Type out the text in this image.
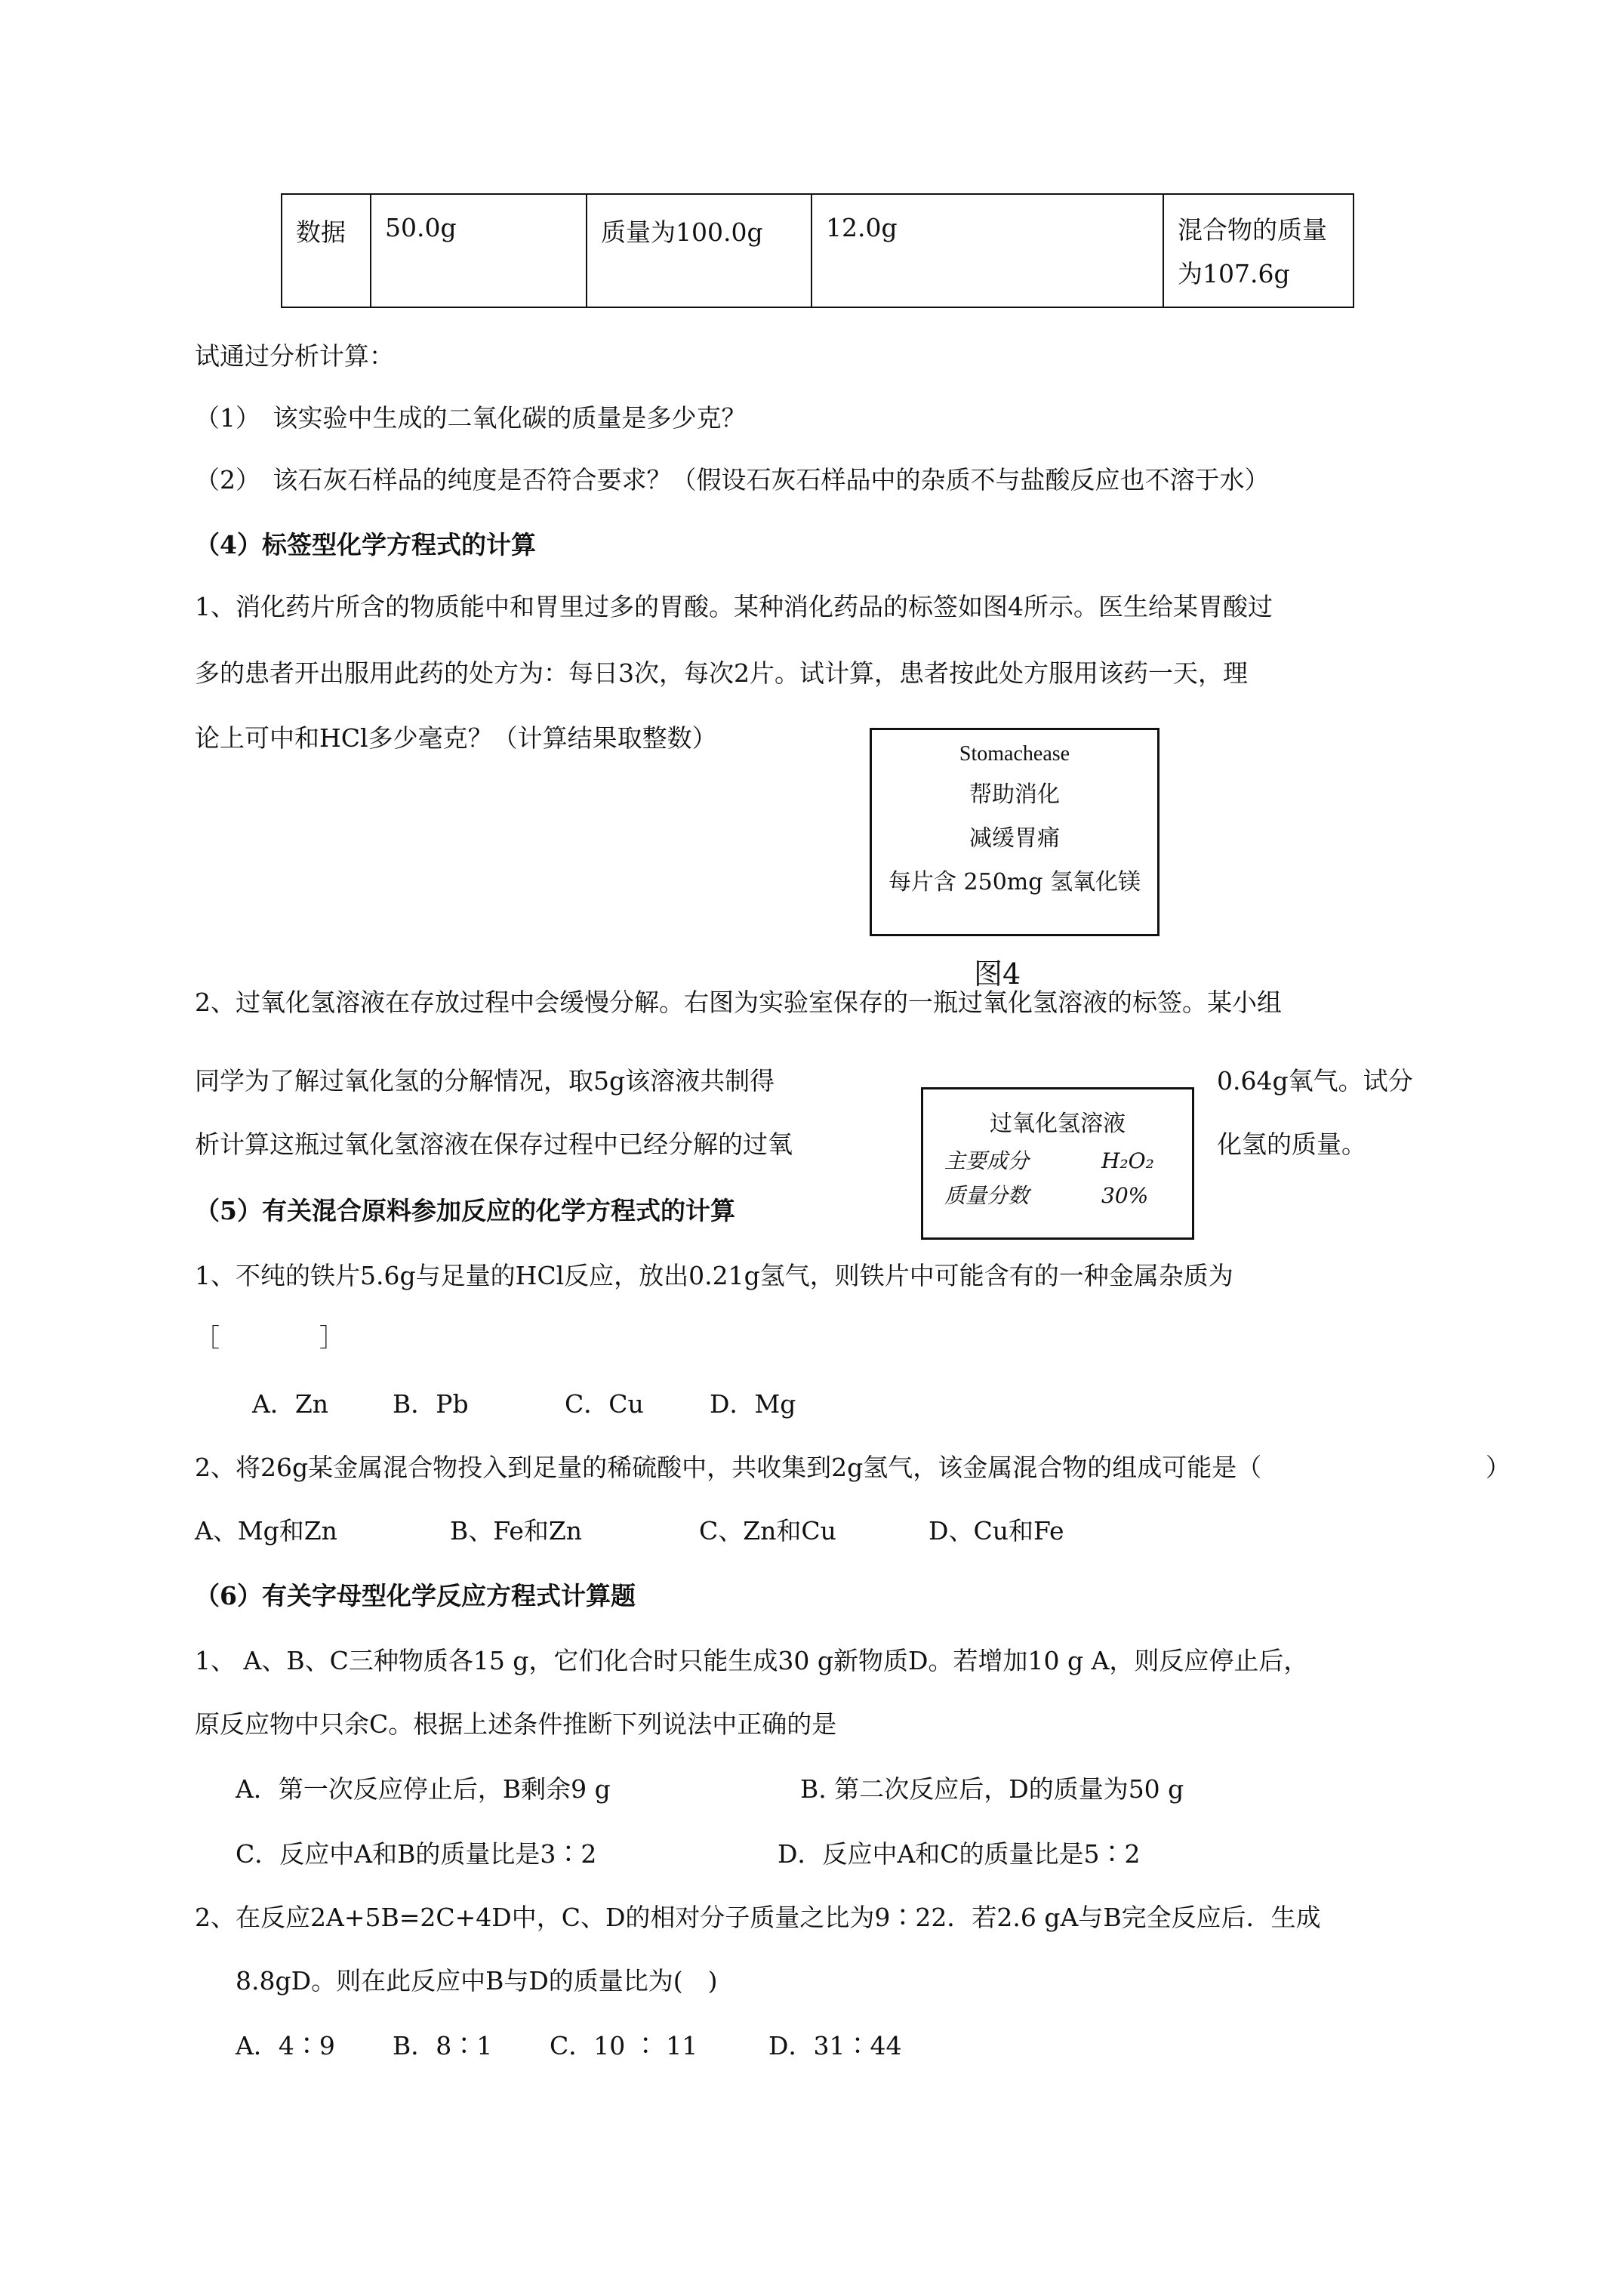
数据	50.0g	质量为100.0g	12.0g	混合物的质量为107.6g
试通过分析计算：
（1）　该实验中生成的二氧化碳的质量是多少克？
（2）　该石灰石样品的纯度是否符合要求？（假设石灰石样品中的杂质不与盐酸反应也不溶于水）
（4）标签型化学方程式的计算
1、消化药片所含的物质能中和胃里过多的胃酸。某种消化药品的标签如图4所示。医生给某胃酸过
多的患者开出服用此药的处方为：每日3次，每次2片。试计算，患者按此处方服用该药一天，理
论上可中和HCl多少毫克？（计算结果取整数）
Stomachease
帮助消化
减缓胃痛
每片含 250mg 氢氧化镁
图4
2、过氧化氢溶液在存放过程中会缓慢分解。右图为实验室保存的一瓶过氧化氢溶液的标签。某小组
同学为了解过氧化氢的分解情况，取5g该溶液共制得	0.64g氧气。试分
析计算这瓶过氧化氢溶液在保存过程中已经分解的过氧	化氢的质量。
过氧化氢溶液
主要成分	H₂O₂
质量分数	30%
（5）有关混合原料参加反应的化学方程式的计算
1、不纯的铁片5.6g与足量的HCl反应，放出0.21g氢气，则铁片中可能含有的一种金属杂质为
［　　　　］
A．Zn	B．Pb	C．Cu	D．Mg
2、将26g某金属混合物投入到足量的稀硫酸中，共收集到2g氢气，该金属混合物的组成可能是（	）
A、Mg和Zn	B、Fe和Zn	C、Zn和Cu	D、Cu和Fe
（6）有关字母型化学反应方程式计算题
1、 A、B、C三种物质各15 g，它们化合时只能生成30 g新物质D。若增加10 g A，则反应停止后，
原反应物中只余C。根据上述条件推断下列说法中正确的是
A．第一次反应停止后，B剩余9 g	B. 第二次反应后，D的质量为50 g
C．反应中A和B的质量比是3∶2	D．反应中A和C的质量比是5∶2
2、在反应2A+5B=2C+4D中，C、D的相对分子质量之比为9∶22．若2.6 gA与B完全反应后．生成
8.8gD。则在此反应中B与D的质量比为(　)
A．4∶9 B．8∶1 C．10 ∶ 11	D．31∶44
